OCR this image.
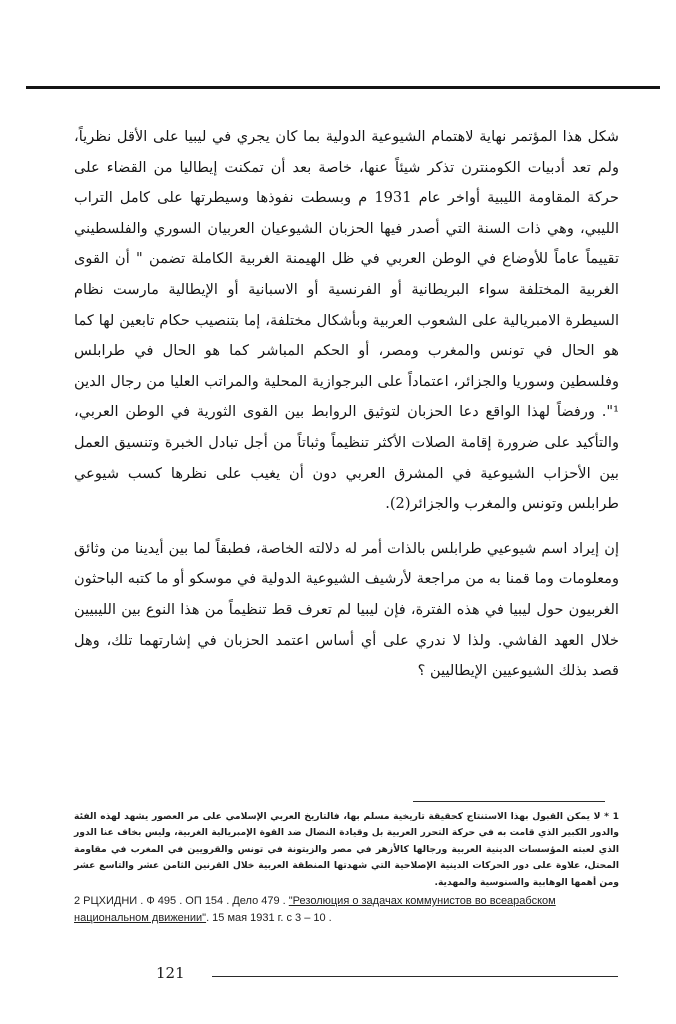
شكل هذا المؤتمر نهاية لاهتمام الشيوعية الدولية بما كان يجري في ليبيا على الأقل نظرياً، ولم تعد أدبيات الكومنترن تذكر شيئاً عنها، خاصة بعد أن تمكنت إيطاليا من القضاء على حركة المقاومة الليبية أواخر عام 1931 م وبسطت نفوذها وسيطرتها على كامل التراب الليبي، وهي ذات السنة التي أصدر فيها الحزبان الشيوعيان العربيان السوري والفلسطيني تقييماً عاماً للأوضاع في الوطن العربي في ظل الهيمنة الغربية الكاملة تضمن " أن القوى الغربية المختلفة سواء البريطانية أو الفرنسية أو الاسبانية أو الإيطالية مارست نظام السيطرة الامبريالية على الشعوب العربية وبأشكال مختلفة، إما بتنصيب حكام تابعين لها كما هو الحال في تونس والمغرب ومصر، أو الحكم المباشر كما هو الحال في طرابلس وفلسطين وسوريا والجزائر، اعتماداً على البرجوازية المحلية والمراتب العليا من رجال الدين ¹". ورفضاً لهذا الواقع دعا الحزبان لتوثيق الروابط بين القوى الثورية في الوطن العربي، والتأكيد على ضرورة إقامة الصلات الأكثر تنظيماً وثباتاً من أجل تبادل الخبرة وتنسيق العمل بين الأحزاب الشيوعية في المشرق العربي دون أن يغيب على نظرها كسب شيوعي طرابلس وتونس والمغرب والجزائر(2).

إن إيراد اسم شيوعيي طرابلس بالذات أمر له دلالته الخاصة، فطبقاً لما بين أيدينا من وثائق ومعلومات وما قمنا به من مراجعة لأرشيف الشيوعية الدولية في موسكو أو ما كتبه الباحثون الغربيون حول ليبيا في هذه الفترة، فإن ليبيا لم تعرف قط تنظيماً من هذا النوع بين الليبيين خلال العهد الفاشي. ولذا لا ندري على أي أساس اعتمد الحزبان في إشارتهما تلك، وهل قصد بذلك الشيوعيين الإيطاليين ؟

1 * لا يمكن القبول بهذا الاستنتاج كحقيقة تاريخية مسلم بها، فالتاريخ العربي الإسلامي على مر العصور يشهد لهذه الفئة والدور الكبير الذي قامت به في حركة التحرر العربية بل وقيادة النضال ضد القوة الإمبريالية الغربية، وليس بخاف عنا الدور الذي لعبته المؤسسات الدينية العربية ورجالها كالأزهر في مصر والزيتونة في تونس والقرويين في المغرب في مقاومة المحتل، علاوة على دور الحركات الدينية الإصلاحية التي شهدتها المنطقة العربية خلال القرنين الثامن عشر والتاسع عشر ومن أهمها الوهابية والسنوسية والمهدية.
2 РЦХИДНИ . Ф 495 . ОП 154 . Дело 479 . "Резолюция о задачах коммунистов во всеарабском национальном движении". 15 мая 1931 г. с 3 – 10 .
121
